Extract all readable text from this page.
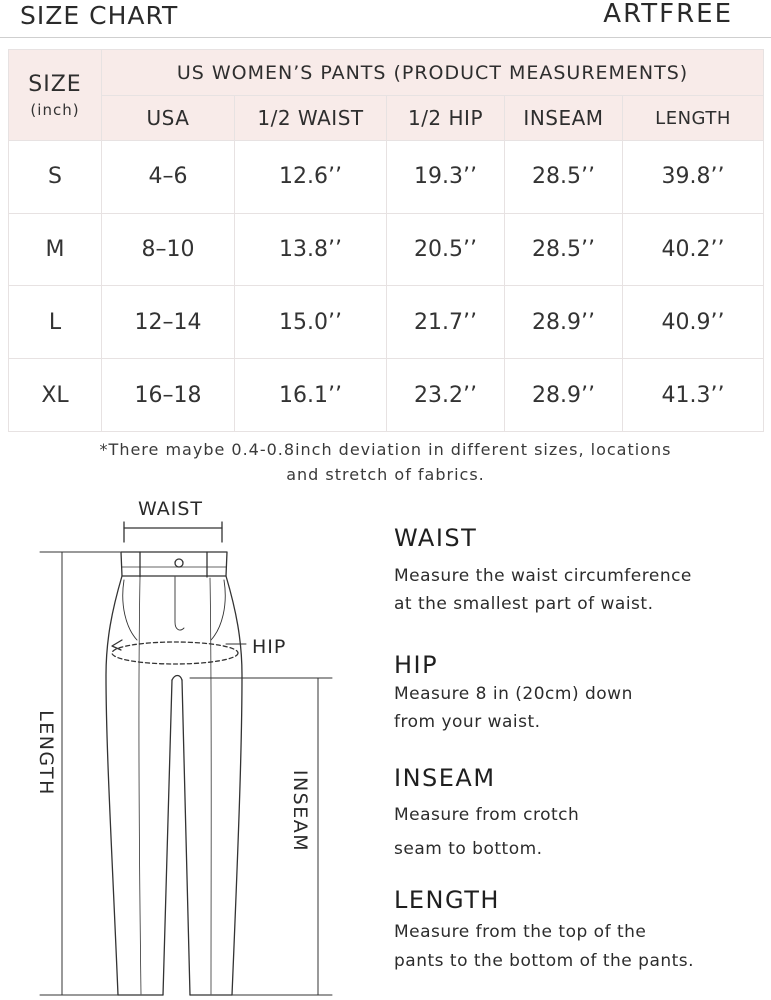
SIZE CHART	ARTFREE
SIZE
(inch)	US WOMEN’S PANTS (PRODUCT MEASUREMENTS)				
	USA	1/2 WAIST	1/2 HIP	INSEAM	LENGTH
S	4–6	12.6’’	19.3’’	28.5’’	39.8’’
M	8–10	13.8’’	20.5’’	28.5’’	40.2’’
L	12–14	15.0’’	21.7’’	28.9’’	40.9’’
XL	16–18	16.1’’	23.2’’	28.9’’	41.3’’
*There maybe 0.4-0.8inch deviation in different sizes, locations
and stretch of fabrics.
WAIST
HIP
LENGTH
INSEAM
WAIST
Measure the waist circumference
at the smallest part of waist.
HIP
Measure 8 in (20cm) down
from your waist.
INSEAM
Measure from crotch
seam to bottom.
LENGTH
Measure from the top of the
pants to the bottom of the pants.
